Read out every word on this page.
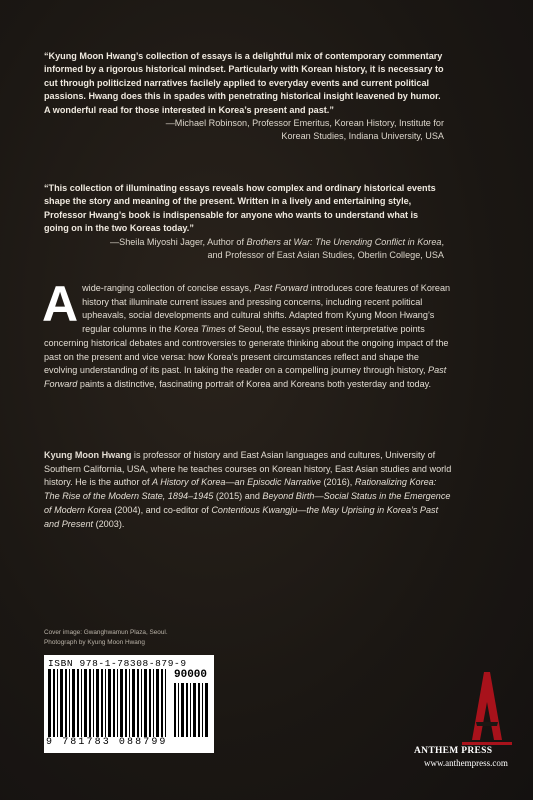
“Kyung Moon Hwang’s collection of essays is a delightful mix of contemporary commentary informed by a rigorous historical mindset. Particularly with Korean history, it is necessary to cut through politicized narratives facilely applied to everyday events and current political passions. Hwang does this in spades with penetrating historical insight leavened by humor. A wonderful read for those interested in Korea’s present and past.”
—Michael Robinson, Professor Emeritus, Korean History, Institute for
Korean Studies, Indiana University, USA
“This collection of illuminating essays reveals how complex and ordinary historical events shape the story and meaning of the present. Written in a lively and entertaining style, Professor Hwang’s book is indispensable for anyone who wants to understand what is going on in the two Koreas today.”
—Sheila Miyoshi Jager, Author of Brothers at War: The Unending Conflict in Korea,
and Professor of East Asian Studies, Oberlin College, USA
Awide-ranging collection of concise essays, Past Forward introduces core features of Korean history that illuminate current issues and pressing concerns, including recent political upheavals, social developments and cultural shifts. Adapted from Kyung Moon Hwang’s regular columns in the Korea Times of Seoul, the essays present interpretative points concerning historical debates and controversies to generate thinking about the ongoing impact of the past on the present and vice versa: how Korea’s present circumstances reflect and shape the evolving understanding of its past. In taking the reader on a compelling journey through history, Past Forward paints a distinctive, fascinating portrait of Korea and Koreans both yesterday and today.
Kyung Moon Hwang is professor of history and East Asian languages and cultures, University of Southern California, USA, where he teaches courses on Korean history, East Asian studies and world history. He is the author of A History of Korea—an Episodic Narrative (2016), Rationalizing Korea: The Rise of the Modern State, 1894–1945 (2015) and Beyond Birth—Social Status in the Emergence of Modern Korea (2004), and co-editor of Contentious Kwangju—the May Uprising in Korea’s Past and Present (2003).
Cover image: Gwanghwamun Plaza, Seoul.
Photograph by Kyung Moon Hwang
ISBN 978-1-78308-879-9
90000
9 781783 088799
ANTHEM PRESS
www.anthempress.com
